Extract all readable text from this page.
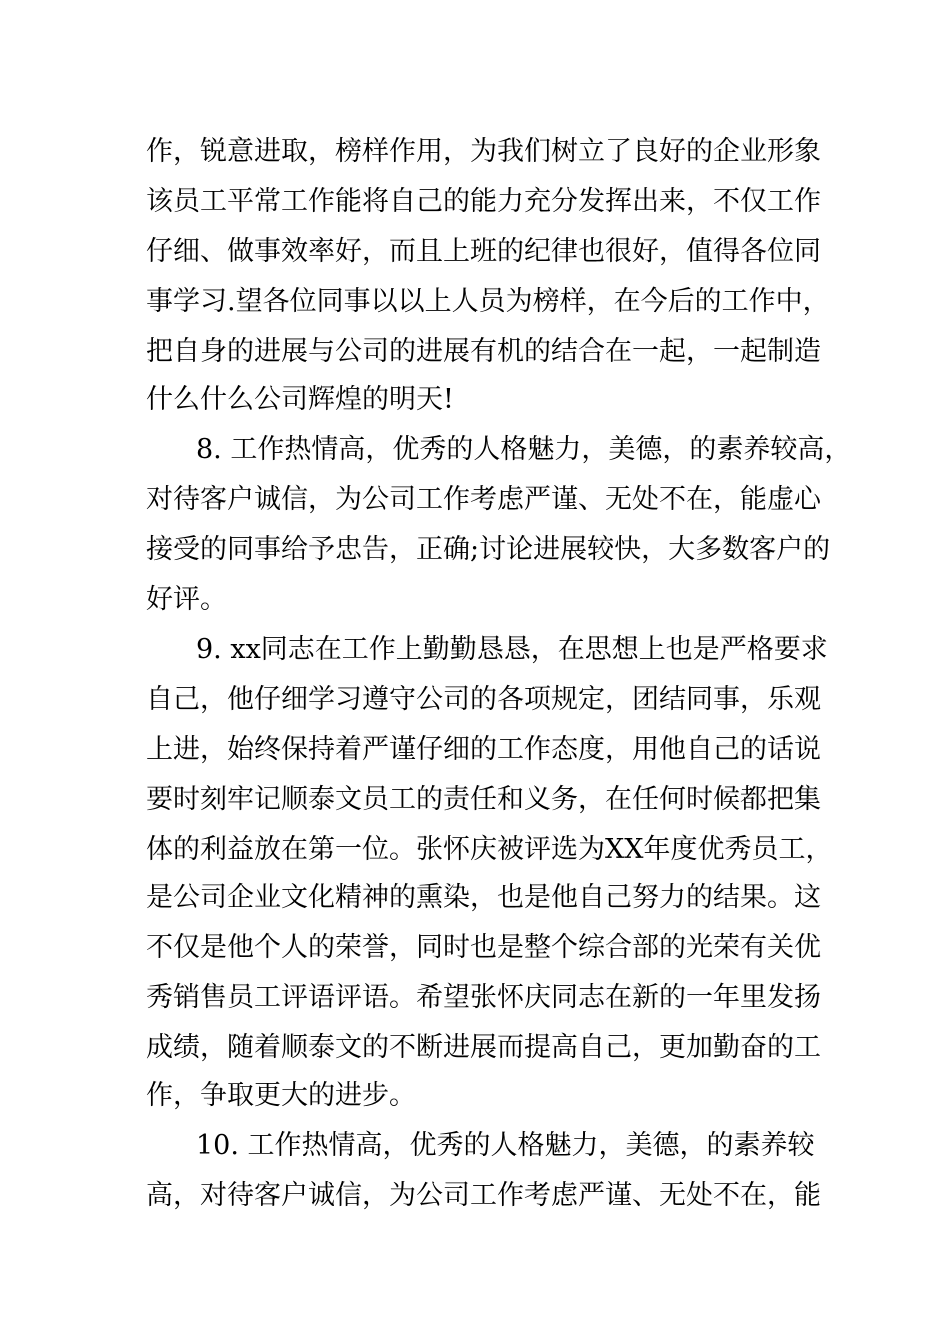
作，锐意进取，榜样作用，为我们树立了良好的企业形象
该员工平常工作能将自己的能力充分发挥出来，不仅工作
仔细、做事效率好，而且上班的纪律也很好，值得各位同
事学习.望各位同事以以上人员为榜样，在今后的工作中，
把自身的进展与公司的进展有机的结合在一起，一起制造
什么什么公司辉煌的明天!
8. 工作热情高，优秀的人格魅力，美德，的素养较高，
对待客户诚信，为公司工作考虑严谨、无处不在，能虚心
接受的同事给予忠告，正确;讨论进展较快，大多数客户的
好评。
9. xx同志在工作上勤勤恳恳，在思想上也是严格要求
自己，他仔细学习遵守公司的各项规定，团结同事，乐观
上进，始终保持着严谨仔细的工作态度，用他自己的话说
要时刻牢记顺泰文员工的责任和义务，在任何时候都把集
体的利益放在第一位。张怀庆被评选为XX年度优秀员工，
是公司企业文化精神的熏染，也是他自己努力的结果。这
不仅是他个人的荣誉，同时也是整个综合部的光荣有关优
秀销售员工评语评语。希望张怀庆同志在新的一年里发扬
成绩，随着顺泰文的不断进展而提高自己，更加勤奋的工
作，争取更大的进步。
10. 工作热情高，优秀的人格魅力，美德，的素养较
高，对待客户诚信，为公司工作考虑严谨、无处不在，能
